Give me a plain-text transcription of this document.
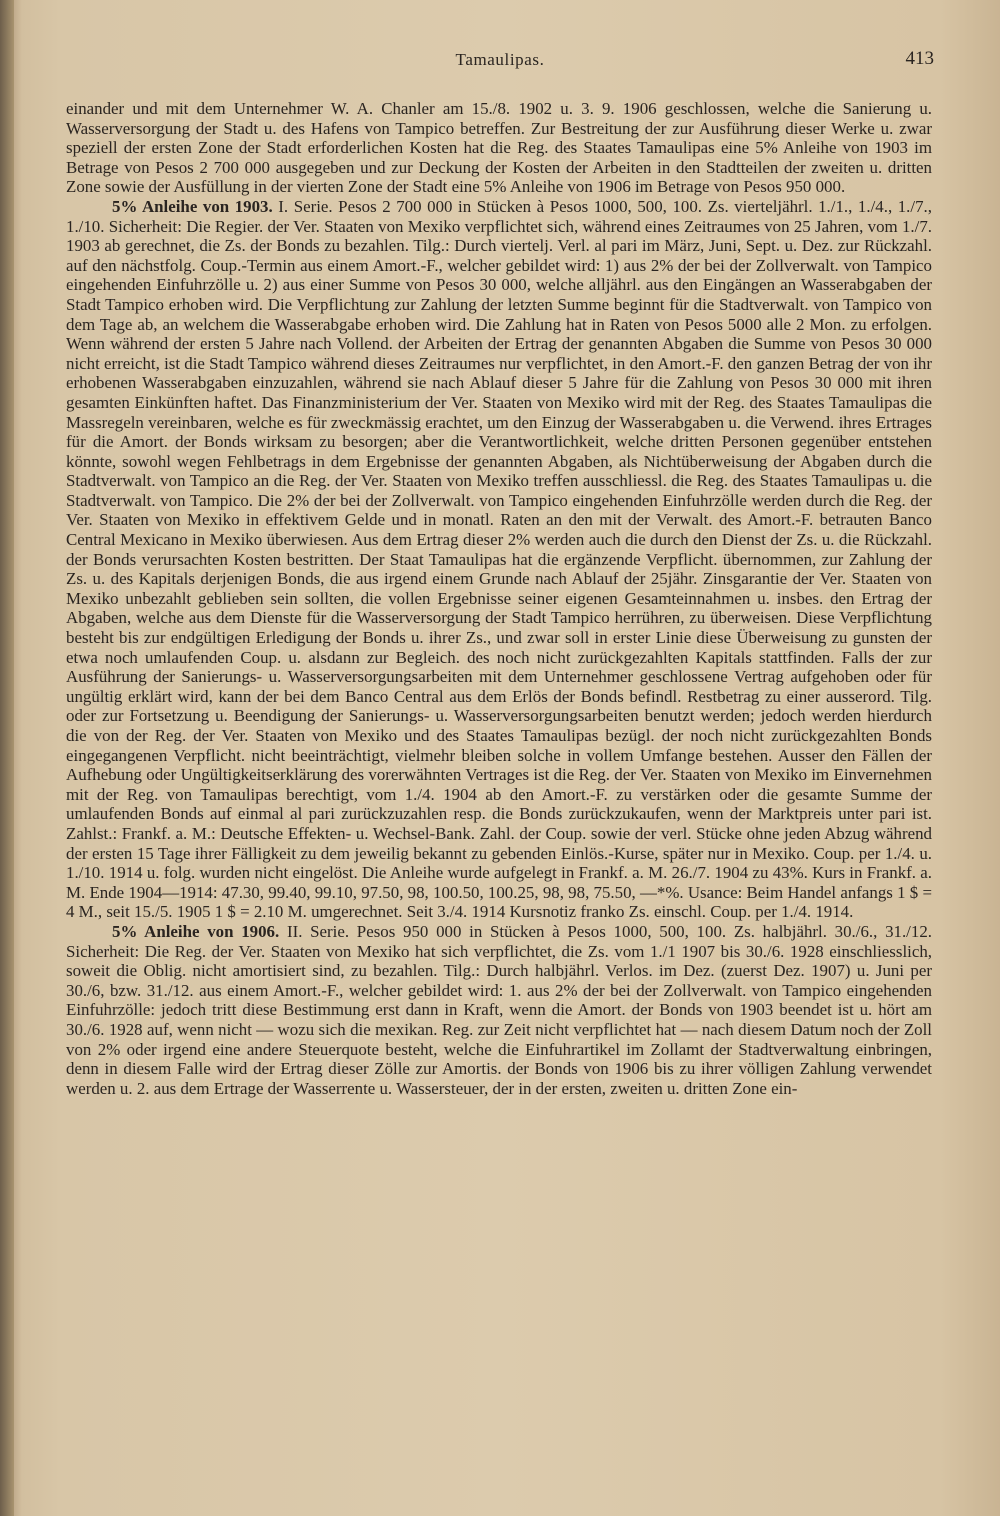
Tamaulipas.	413

einander und mit dem Unternehmer W. A. Chanler am 15./8. 1902 u. 3. 9. 1906 geschlossen, welche die Sanierung u. Wasserversorgung der Stadt u. des Hafens von Tampico betreffen. Zur Bestreitung der zur Ausführung dieser Werke u. zwar speziell der ersten Zone der Stadt erforderlichen Kosten hat die Reg. des Staates Tamaulipas eine 5% Anleihe von 1903 im Betrage von Pesos 2 700 000 ausgegeben und zur Deckung der Kosten der Arbeiten in den Stadtteilen der zweiten u. dritten Zone sowie der Ausfüllung in der vierten Zone der Stadt eine 5% Anleihe von 1906 im Betrage von Pesos 950 000.

5% Anleihe von 1903. I. Serie. Pesos 2 700 000 in Stücken à Pesos 1000, 500, 100. Zs. vierteljährl. 1./1., 1./4., 1./7., 1./10. Sicherheit: Die Regier. der Ver. Staaten von Mexiko verpflichtet sich, während eines Zeitraumes von 25 Jahren, vom 1./7. 1903 ab gerechnet, die Zs. der Bonds zu bezahlen. Tilg.: Durch viertelj. Verl. al pari im März, Juni, Sept. u. Dez. zur Rückzahl. auf den nächstfolg. Coup.-Termin aus einem Amort.-F., welcher gebildet wird: 1) aus 2% der bei der Zollverwalt. von Tampico eingehenden Einfuhrzölle u. 2) aus einer Summe von Pesos 30 000, welche alljährl. aus den Eingängen an Wasserabgaben der Stadt Tampico erhoben wird. Die Verpflichtung zur Zahlung der letzten Summe beginnt für die Stadtverwalt. von Tampico von dem Tage ab, an welchem die Wasserabgabe erhoben wird. Die Zahlung hat in Raten von Pesos 5000 alle 2 Mon. zu erfolgen. Wenn während der ersten 5 Jahre nach Vollend. der Arbeiten der Ertrag der genannten Abgaben die Summe von Pesos 30 000 nicht erreicht, ist die Stadt Tampico während dieses Zeitraumes nur verpflichtet, in den Amort.-F. den ganzen Betrag der von ihr erhobenen Wasserabgaben einzuzahlen, während sie nach Ablauf dieser 5 Jahre für die Zahlung von Pesos 30 000 mit ihren gesamten Einkünften haftet. Das Finanzministerium der Ver. Staaten von Mexiko wird mit der Reg. des Staates Tamaulipas die Massregeln vereinbaren, welche es für zweckmässig erachtet, um den Einzug der Wasserabgaben u. die Verwend. ihres Ertrages für die Amort. der Bonds wirksam zu besorgen; aber die Verantwortlichkeit, welche dritten Personen gegenüber entstehen könnte, sowohl wegen Fehlbetrags in dem Ergebnisse der genannten Abgaben, als Nichtüberweisung der Abgaben durch die Stadtverwalt. von Tampico an die Reg. der Ver. Staaten von Mexiko treffen ausschliessl. die Reg. des Staates Tamaulipas u. die Stadtverwalt. von Tampico. Die 2% der bei der Zollverwalt. von Tampico eingehenden Einfuhrzölle werden durch die Reg. der Ver. Staaten von Mexiko in effektivem Gelde und in monatl. Raten an den mit der Verwalt. des Amort.-F. betrauten Banco Central Mexicano in Mexiko überwiesen. Aus dem Ertrag dieser 2% werden auch die durch den Dienst der Zs. u. die Rückzahl. der Bonds verursachten Kosten bestritten. Der Staat Tamaulipas hat die ergänzende Verpflicht. übernommen, zur Zahlung der Zs. u. des Kapitals derjenigen Bonds, die aus irgend einem Grunde nach Ablauf der 25jähr. Zinsgarantie der Ver. Staaten von Mexiko unbezahlt geblieben sein sollten, die vollen Ergebnisse seiner eigenen Gesamteinnahmen u. insbes. den Ertrag der Abgaben, welche aus dem Dienste für die Wasserversorgung der Stadt Tampico herrühren, zu überweisen. Diese Verpflichtung besteht bis zur endgültigen Erledigung der Bonds u. ihrer Zs., und zwar soll in erster Linie diese Überweisung zu gunsten der etwa noch umlaufenden Coup. u. alsdann zur Begleich. des noch nicht zurückgezahlten Kapitals stattfinden. Falls der zur Ausführung der Sanierungs- u. Wasserversorgungsarbeiten mit dem Unternehmer geschlossene Vertrag aufgehoben oder für ungültig erklärt wird, kann der bei dem Banco Central aus dem Erlös der Bonds befindl. Restbetrag zu einer ausserord. Tilg. oder zur Fortsetzung u. Beendigung der Sanierungs- u. Wasserversorgungsarbeiten benutzt werden; jedoch werden hierdurch die von der Reg. der Ver. Staaten von Mexiko und des Staates Tamaulipas bezügl. der noch nicht zurückgezahlten Bonds eingegangenen Verpflicht. nicht beeinträchtigt, vielmehr bleiben solche in vollem Umfange bestehen. Ausser den Fällen der Aufhebung oder Ungültigkeitserklärung des vorerwähnten Vertrages ist die Reg. der Ver. Staaten von Mexiko im Einvernehmen mit der Reg. von Tamaulipas berechtigt, vom 1./4. 1904 ab den Amort.-F. zu verstärken oder die gesamte Summe der umlaufenden Bonds auf einmal al pari zurückzuzahlen resp. die Bonds zurückzukaufen, wenn der Marktpreis unter pari ist. Zahlst.: Frankf. a. M.: Deutsche Effekten- u. Wechsel-Bank. Zahl. der Coup. sowie der verl. Stücke ohne jeden Abzug während der ersten 15 Tage ihrer Fälligkeit zu dem jeweilig bekannt zu gebenden Einlös.-Kurse, später nur in Mexiko. Coup. per 1./4. u. 1./10. 1914 u. folg. wurden nicht eingelöst. Die Anleihe wurde aufgelegt in Frankf. a. M. 26./7. 1904 zu 43%. Kurs in Frankf. a. M. Ende 1904—1914: 47.30, 99.40, 99.10, 97.50, 98, 100.50, 100.25, 98, 98, 75.50, —*%. Usance: Beim Handel anfangs 1 $ = 4 M., seit 15./5. 1905 1 $ = 2.10 M. umgerechnet. Seit 3./4. 1914 Kursnotiz franko Zs. einschl. Coup. per 1./4. 1914.

5% Anleihe von 1906. II. Serie. Pesos 950 000 in Stücken à Pesos 1000, 500, 100. Zs. halbjährl. 30./6., 31./12. Sicherheit: Die Reg. der Ver. Staaten von Mexiko hat sich verpflichtet, die Zs. vom 1./1 1907 bis 30./6. 1928 einschliesslich, soweit die Oblig. nicht amortisiert sind, zu bezahlen. Tilg.: Durch halbjährl. Verlos. im Dez. (zuerst Dez. 1907) u. Juni per 30./6, bzw. 31./12. aus einem Amort.-F., welcher gebildet wird: 1. aus 2% der bei der Zollverwalt. von Tampico eingehenden Einfuhrzölle: jedoch tritt diese Bestimmung erst dann in Kraft, wenn die Amort. der Bonds von 1903 beendet ist u. hört am 30./6. 1928 auf, wenn nicht — wozu sich die mexikan. Reg. zur Zeit nicht verpflichtet hat — nach diesem Datum noch der Zoll von 2% oder irgend eine andere Steuerquote besteht, welche die Einfuhrartikel im Zollamt der Stadtverwaltung einbringen, denn in diesem Falle wird der Ertrag dieser Zölle zur Amortis. der Bonds von 1906 bis zu ihrer völligen Zahlung verwendet werden u. 2. aus dem Ertrage der Wasserrente u. Wassersteuer, der in der ersten, zweiten u. dritten Zone ein-
